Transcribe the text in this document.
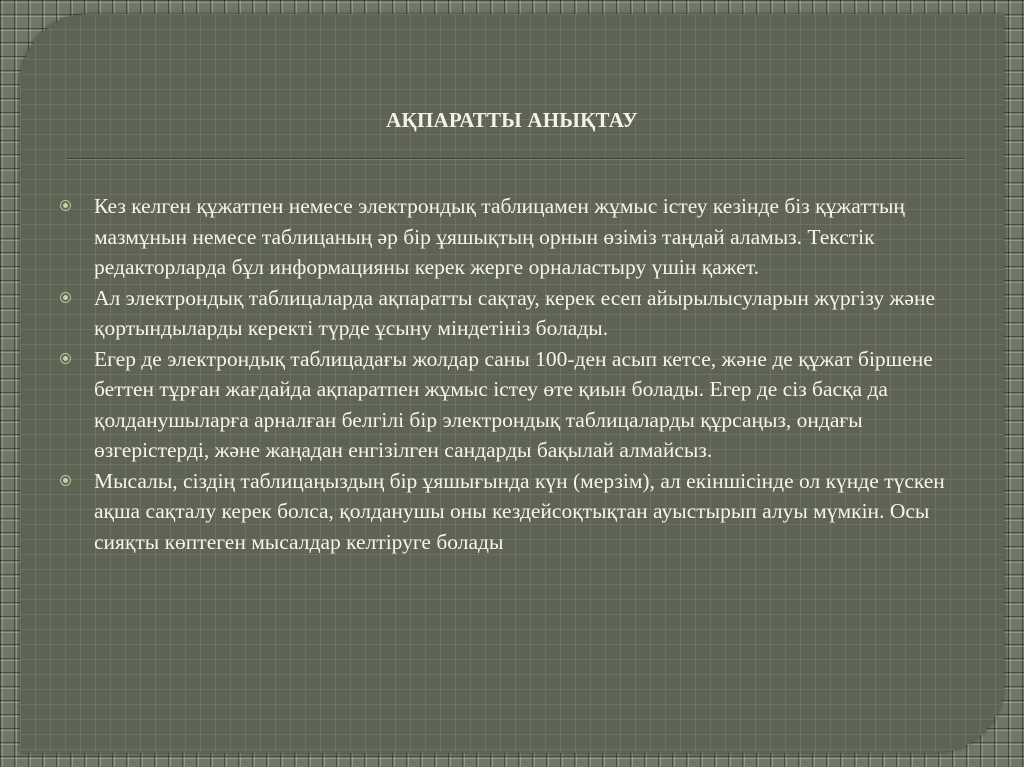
АҚПАРАТТЫ АНЫҚТАУ
Кез келген құжатпен немесе электрондық таблицамен жұмыс істеу кезінде біз құжаттың мазмұнын немесе таблицаның әр бір ұяшықтың орнын өзіміз таңдай аламыз. Текстік редакторларда бұл информацияны керек жерге орналастыру үшін қажет.
Ал электрондық таблицаларда ақпаратты сақтау, керек есеп айырылысуларын жүргізу және қортындыларды керекті түрде ұсыну міндетініз болады.
Егер де электрондық таблицадағы жолдар саны 100-ден асып кетсе, және де құжат біршене беттен тұрған жағдайда ақпаратпен жұмыс істеу өте қиын болады. Егер де сіз басқа да қолданушыларға арналған белгілі бір электрондық таблицаларды құрсаңыз, ондағы өзгерістерді, және жаңадан енгізілген сандарды бақылай алмайсыз.
Мысалы, сіздің таблицаңыздың бір ұяшығында күн (мерзім), ал екіншісінде ол күнде түскен ақша сақталу керек болса, қолданушы оны кездейсоқтықтан ауыстырып алуы мүмкін. Осы сияқты көптеген мысалдар келтіруге болады
